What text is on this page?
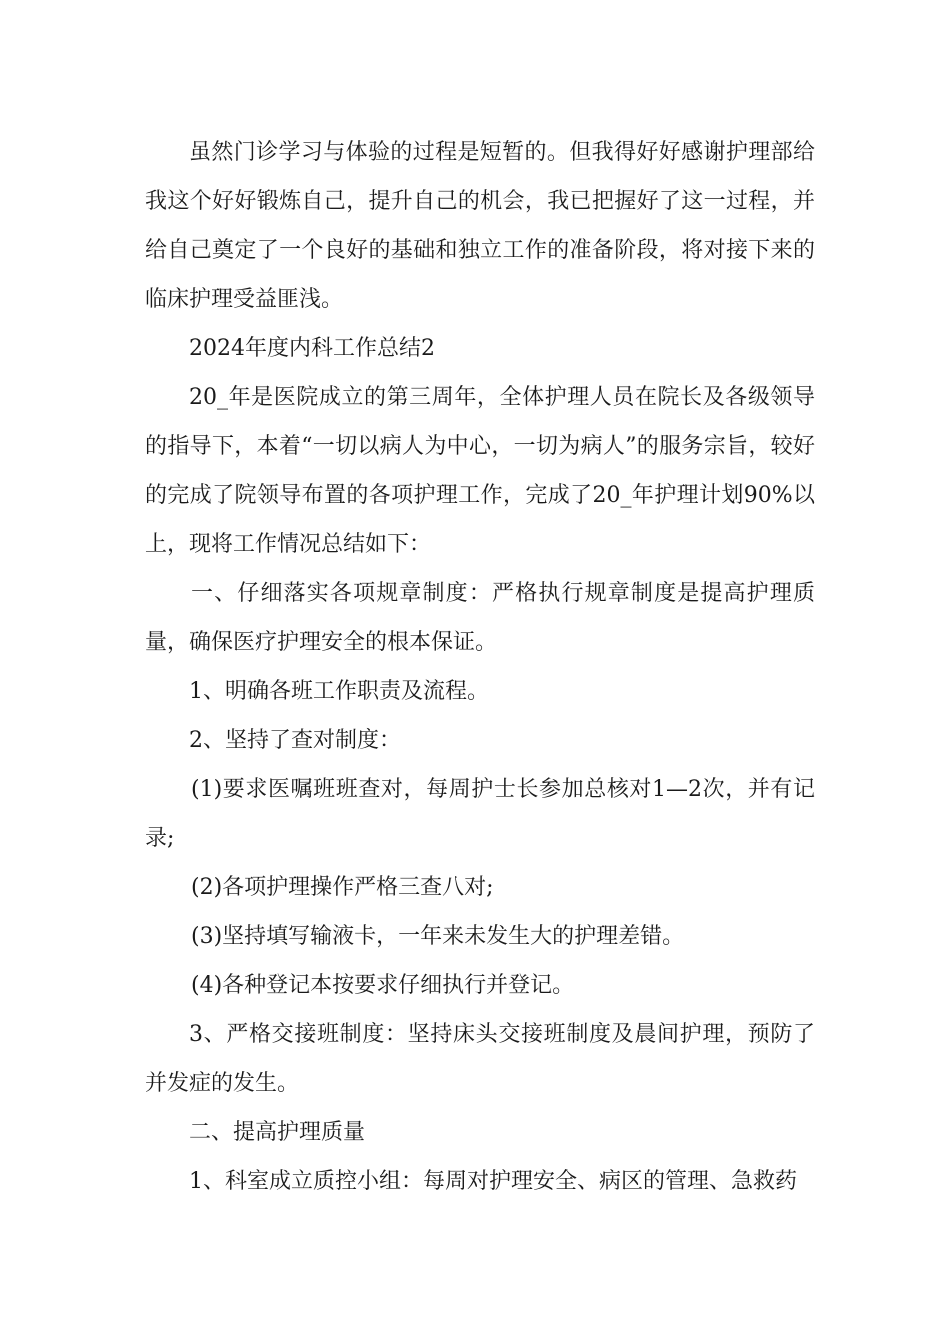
虽然门诊学习与体验的过程是短暂的。但我得好好感谢护理部给我这个好好锻炼自己，提升自己的机会，我已把握好了这一过程，并给自己奠定了一个良好的基础和独立工作的准备阶段，将对接下来的临床护理受益匪浅。

2024年度内科工作总结2

20_年是医院成立的第三周年，全体护理人员在院长及各级领导的指导下，本着“一切以病人为中心，一切为病人”的服务宗旨，较好的完成了院领导布置的各项护理工作，完成了20_年护理计划90%以上，现将工作情况总结如下：

一、仔细落实各项规章制度：严格执行规章制度是提高护理质量，确保医疗护理安全的根本保证。

1、明确各班工作职责及流程。

2、坚持了查对制度：

(1)要求医嘱班班查对，每周护士长参加总核对1—2次，并有记录;

(2)各项护理操作严格三查八对;

(3)坚持填写输液卡，一年来未发生大的护理差错。

(4)各种登记本按要求仔细执行并登记。

3、严格交接班制度：坚持床头交接班制度及晨间护理，预防了并发症的发生。

二、提高护理质量

1、科室成立质控小组：每周对护理安全、病区的管理、急救药
